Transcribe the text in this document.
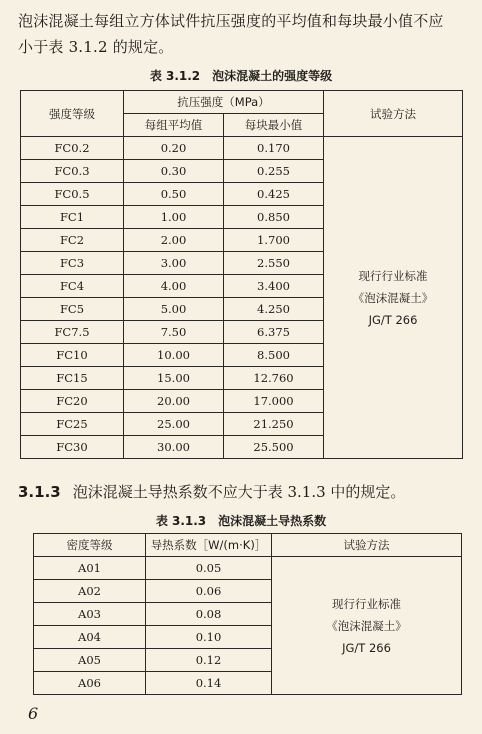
泡沫混凝土每组立方体试件抗压强度的平均值和每块最小值不应
小于表 3.1.2 的规定。
表 3.1.2　泡沫混凝土的强度等级
强度等级	抗压强度（MPa）		试验方法
	每组平均值	每块最小值	
FC0.2	0.20	0.170	现行行业标准
《泡沫混凝土》
JG/T 266

FC0.3	0.30	0.255	
FC0.5	0.50	0.425	
FC1	1.00	0.850	
FC2	2.00	1.700	
FC3	3.00	2.550	
FC4	4.00	3.400	
FC5	5.00	4.250	
FC7.5	7.50	6.375	
FC10	10.00	8.500	
FC15	15.00	12.760	
FC20	20.00	17.000	
FC25	25.00	21.250	
FC30	30.00	25.500	
3.1.3 泡沫混凝土导热系数不应大于表 3.1.3 中的规定。
表 3.1.3　泡沫混凝土导热系数
密度等级	导热系数［W/(m·K)］	试验方法
A01	0.05	现行行业标准
《泡沫混凝土》
JG/T 266

A02	0.06	
A03	0.08	
A04	0.10	
A05	0.12	
A06	0.14	
6
